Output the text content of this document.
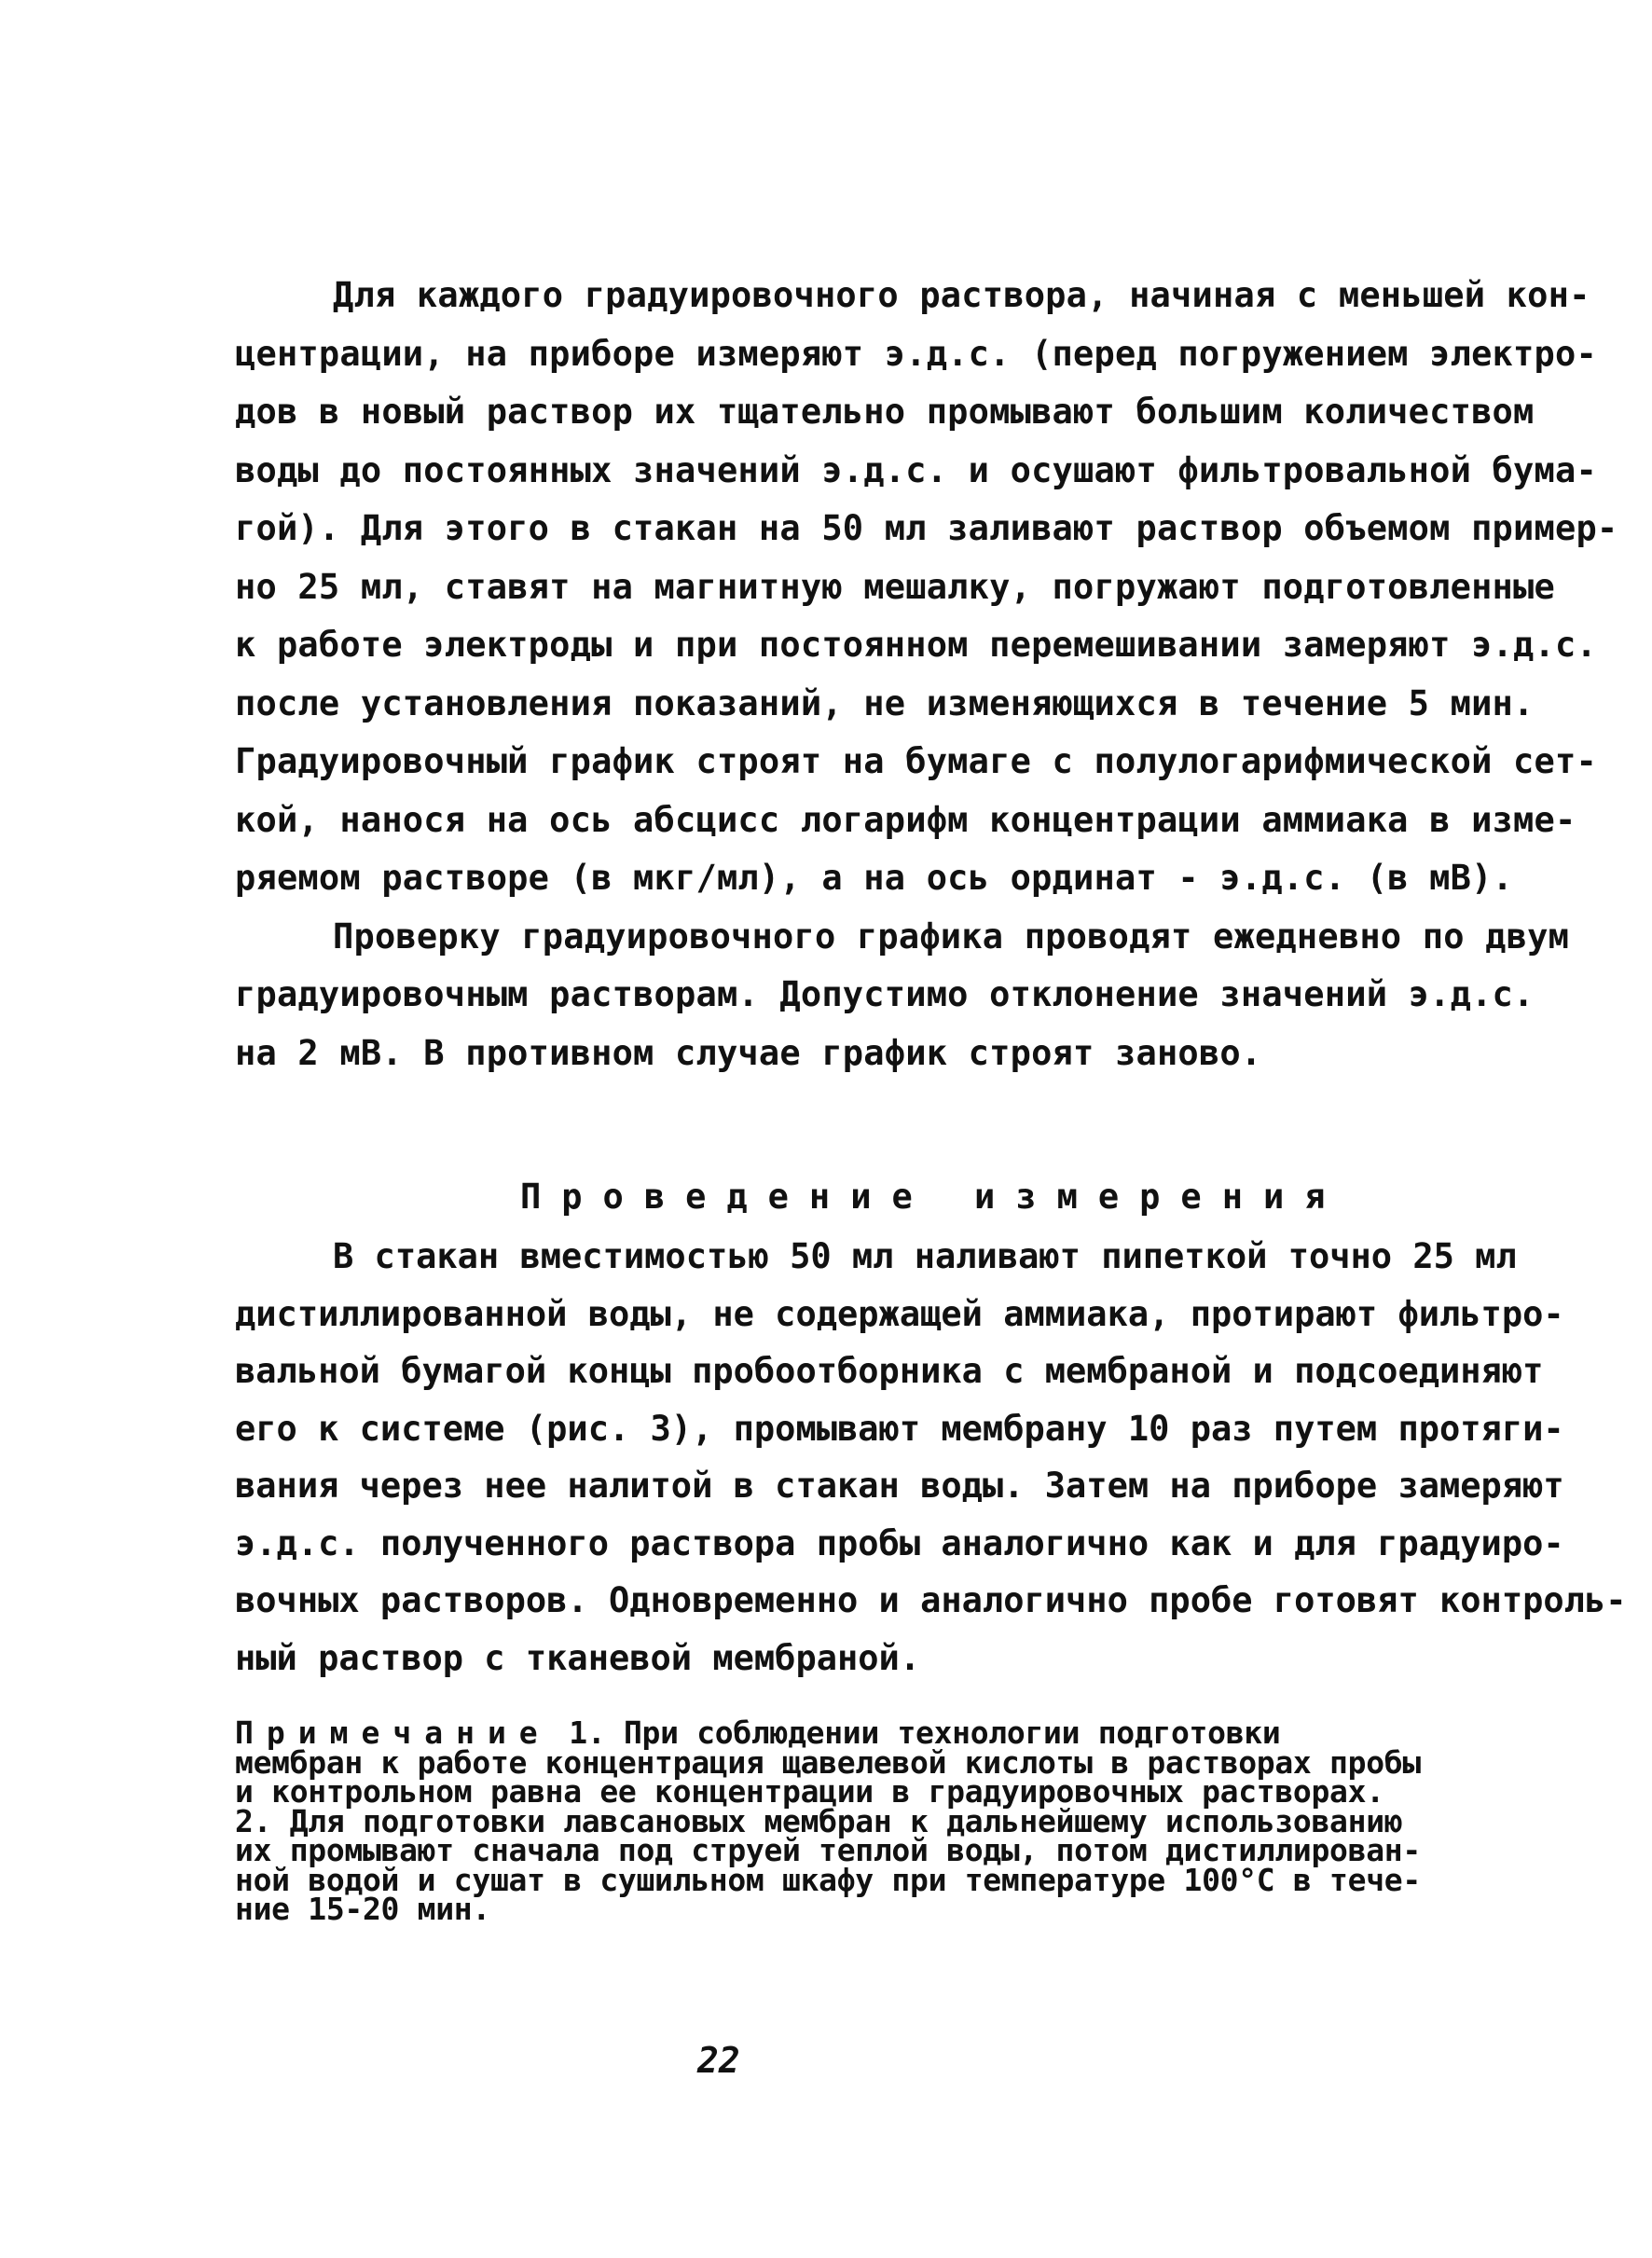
Для каждого градуировочного раствора, начиная с меньшей кон-
центрации, на приборе измеряют э.д.с. (перед погружением электро-
дов в новый раствор их тщательно промывают большим количеством
воды до постоянных значений э.д.с. и осушают фильтровальной бума-
гой). Для этого в стакан на 50 мл заливают раствор объемом пример-
но 25 мл, ставят на магнитную мешалку, погружают подготовленные
к работе электроды и при постоянном перемешивании замеряют э.д.с.
после установления показаний, не изменяющихся в течение 5 мин.
Градуировочный график строят на бумаге с полулогарифмической сет-
кой, нанося на ось абсцисс логарифм концентрации аммиака в изме-
ряемом растворе (в мкг/мл), а на ось ординат - э.д.с. (в мВ).
Проверку градуировочного графика проводят ежедневно по двум
градуировочным растворам. Допустимо отклонение значений э.д.с.
на 2 мВ. В противном случае график строят заново.
Проведение измерения
В стакан вместимостью 50 мл наливают пипеткой точно 25 мл
дистиллированной воды, не содержащей аммиака, протирают фильтро-
вальной бумагой концы пробоотборника с мембраной и подсоединяют
его к системе (рис. 3), промывают мембрану 10 раз путем протяги-
вания через нее налитой в стакан воды. Затем на приборе замеряют
э.д.с. полученного раствора пробы аналогично как и для градуиро-
вочных растворов. Одновременно и аналогично пробе готовят контроль-
ный раствор с тканевой мембраной.
Примечание 1. При соблюдении технологии подготовки
мембран к работе концентрация щавелевой кислоты в растворах пробы
и контрольном равна ее концентрации в градуировочных растворах.
2. Для подготовки лавсановых мембран к дальнейшему использованию
их промывают сначала под струей теплой воды, потом дистиллирован-
ной водой и сушат в сушильном шкафу при температуре 100°С в тече-
ние 15-20 мин.
22
